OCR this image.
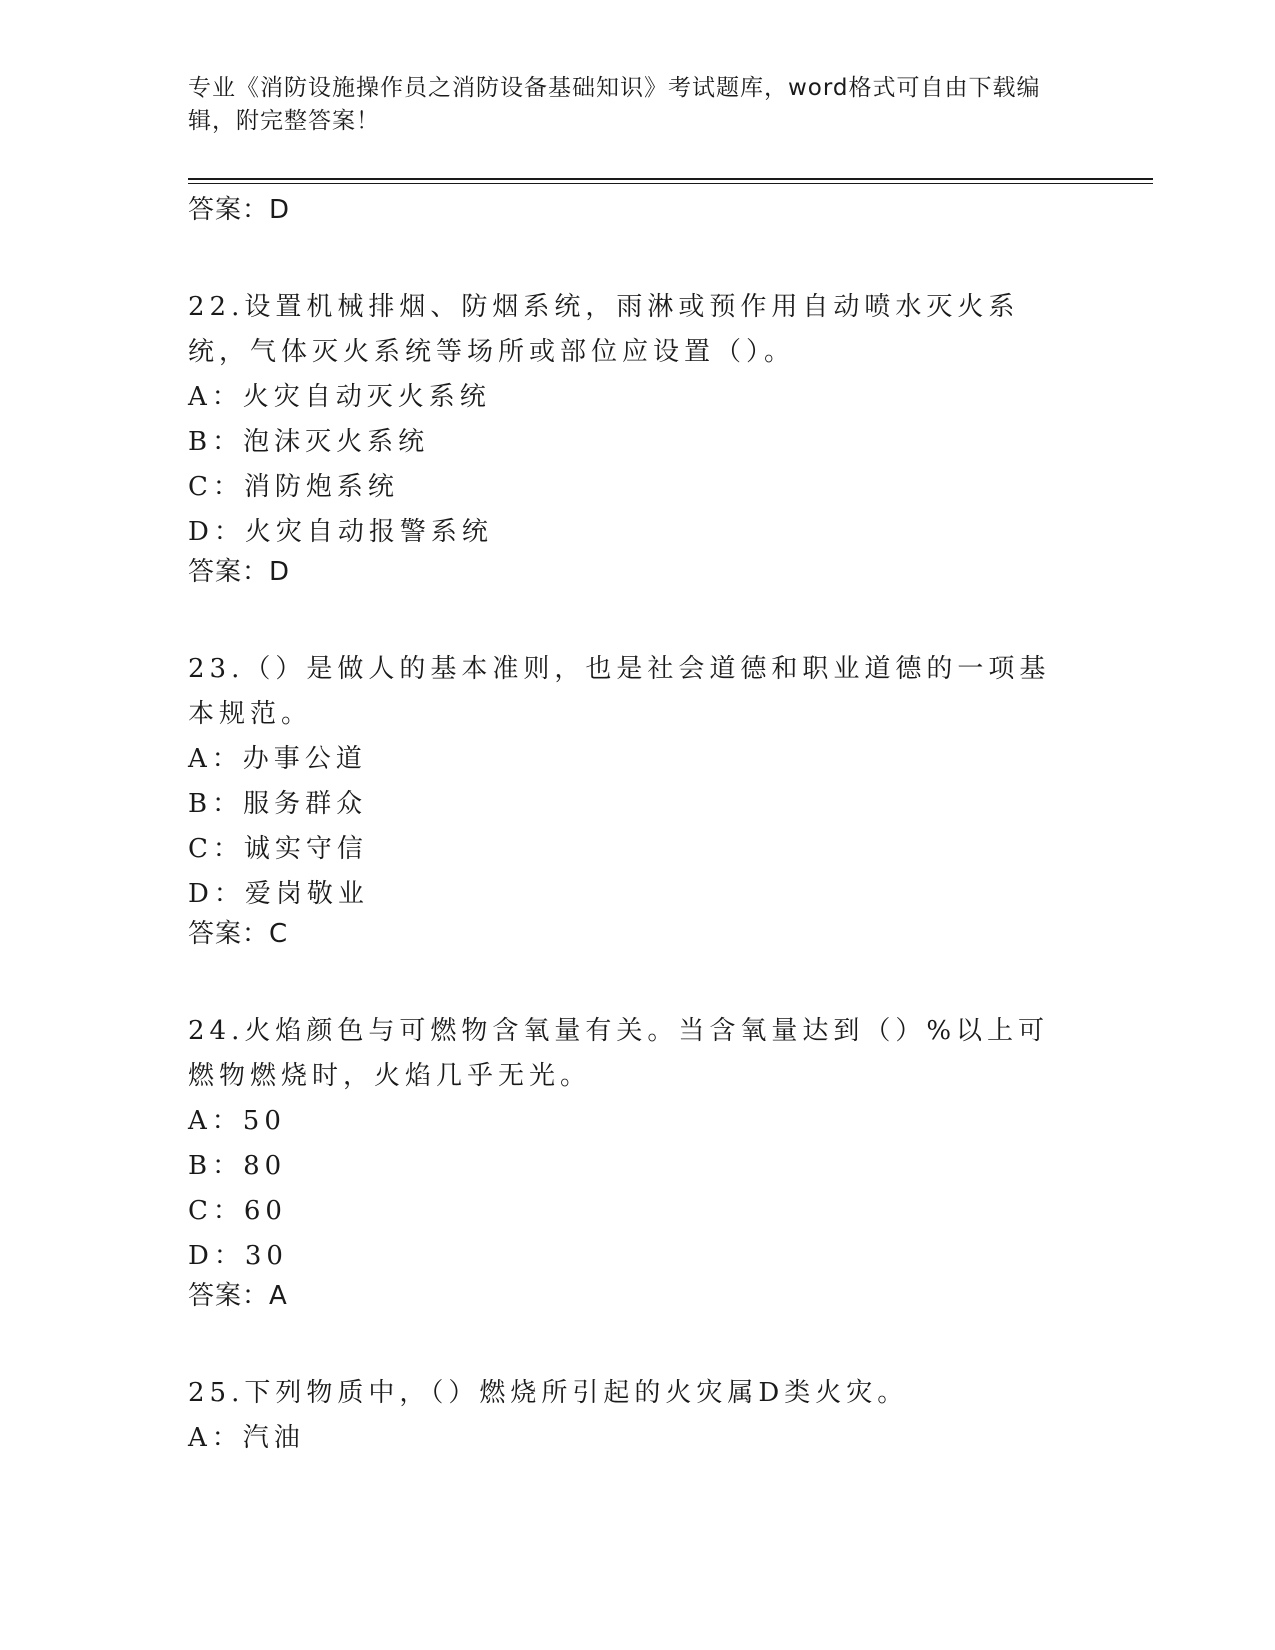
专业《消防设施操作员之消防设备基础知识》考试题库，word格式可自由下载编辑，附完整答案！

答案：D

22.设置机械排烟、防烟系统，雨淋或预作用自动喷水灭火系统，气体灭火系统等场所或部位应设置（）。

A：火灾自动灭火系统

B：泡沫灭火系统

C：消防炮系统

D：火灾自动报警系统

答案：D

23.（）是做人的基本准则，也是社会道德和职业道德的一项基本规范。

A：办事公道

B：服务群众

C：诚实守信

D：爱岗敬业

答案：C

24.火焰颜色与可燃物含氧量有关。当含氧量达到（）%以上可燃物燃烧时，火焰几乎无光。

A：50

B：80

C：60

D：30

答案：A

25.下列物质中，（）燃烧所引起的火灾属D类火灾。

A：汽油
